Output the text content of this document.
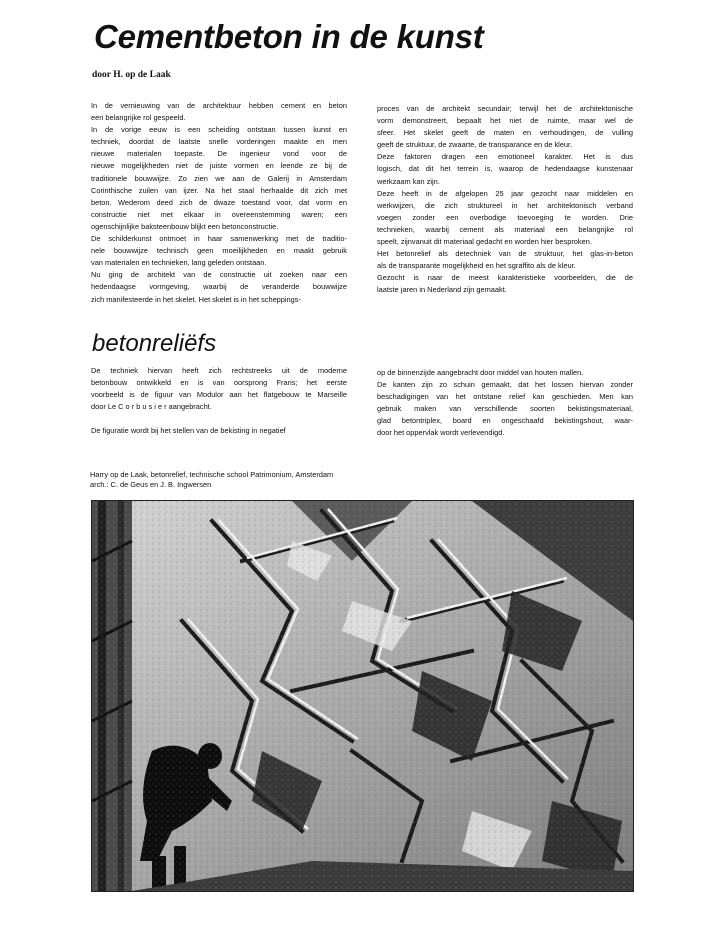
Cementbeton in de kunst
door H. op de Laak
In de vernieuwing van de architektuur hebben cement en beton
een belangrijke rol gespeeld.
In de vorige eeuw is een scheiding ontstaan tussen kunst en
techniek, doordat de laatste snelle vorderingen maakte en men
nieuwe materialen toepaste. De ingenieur vond voor de
nieuwe mogelijkheden niet de juiste vormen en leende ze bij de
traditionele bouwwijze. Zo zien we aan de Galerij in Amsterdam
Corinthische zuilen van ijzer. Na het staal herhaalde dit zich met
beton. Wederom deed zich de dwaze toestand voor, dat vorm en
constructie niet met elkaar in overeenstemming waren; een
ogenschijnlijke baksteenbouw blijkt een betonconstructie.
De schilderkunst ontmoet in haar samenwerking met de traditio-
nele bouwwijze technisch geen moeilijkheden en maakt gebruik
van materialen en technieken, lang geleden ontstaan.
Nu ging de architekt van de constructie uit zoeken naar een
hedendaagse vormgeving, waarbij de veranderde bouwwijze
zich manifesteerde in het skelet. Het skelet is in het scheppings-
proces van de architekt secundair; terwijl het de architektonische
vorm demonstreert, bepaalt het niet de ruimte, maar wel de
sfeer. Het skelet geeft de maten en verhoudingen, de vulling
geeft de struktuur, de zwaarte, de transparance en de kleur.
Deze faktoren dragen een emotioneel karakter. Het is dus
logisch, dat dit het terrein is, waarop de hedendaagse kunstenaar
werkzaam kan zijn.
Deze heeft in de afgelopen 25 jaar gezocht naar middelen en
werkwijzen, die zich struktureel in het architektonisch verband
voegen zonder een overbodige toevoeging te worden. Drie
technieken, waarbij cement als materiaal een belangrijke rol
speelt, zijnvanuit dit materiaal gedacht en worden hier besproken.
Het betonrelief als detechniek van de struktuur, het glas-in-beton
als de transparante mogelijkheid en het sgraffito als de kleur.
Gezocht is naar de meest karakteristieke voorbeelden, die de
laatste jaren in Nederland zijn gemaakt.
betonreliëfs
De techniek hiervan heeft zich rechtstreeks uit de moderne
betonbouw ontwikkeld en is van oorsprong Frans; het eerste
voorbeeld is de figuur van Modulor aan het flatgebouw te Marseille
door Le C o r b u s i e r aangebracht.
De figuratie wordt bij het stellen van de bekisting in negatief
op de binnenzijde aangebracht door middel van houten mallen.
De kanten zijn zo schuin gemaakt, dat het lossen hiervan zonder
beschadigingen van het ontstane relief kan geschieden. Men kan
gebruik maken van verschillende soorten bekistingsmateriaal,
glad betontriplex, board en ongeschaafd bekistingshout, waar-
door het oppervlak wordt verlevendigd.
Harry op de Laak, betonrelief, technische school Patrimonium, Amsterdam
arch.: C. de Geus en J. B. Ingwersen
